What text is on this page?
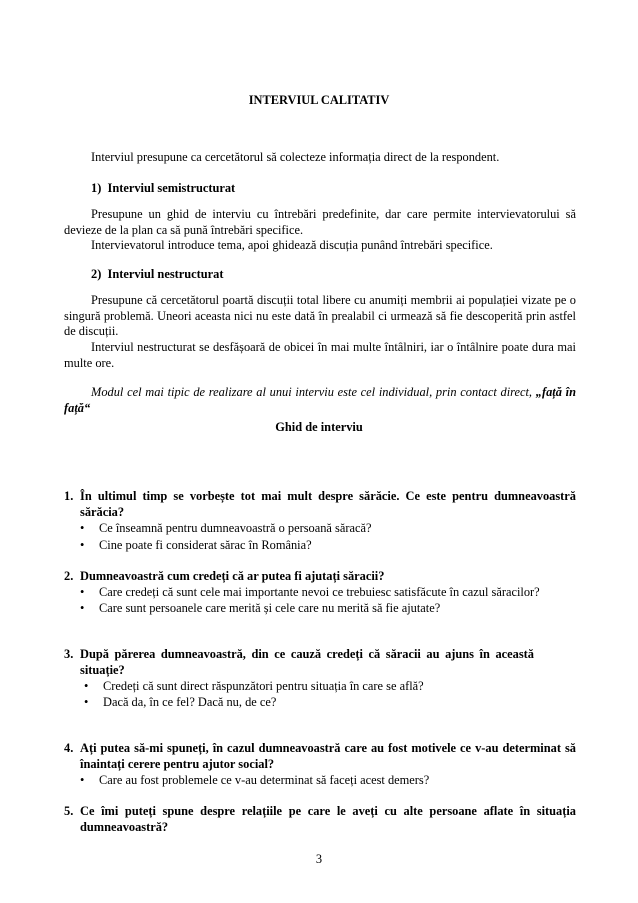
INTERVIUL CALITATIV
Interviul presupune ca cercetătorul să colecteze informația direct de la respondent.
1)  Interviul semistructurat
Presupune un ghid de interviu cu întrebări predefinite, dar care permite intervievatorului să devieze de la plan ca să pună întrebări specifice.
Intervievatorul introduce tema, apoi ghidează discuția punând întrebări specifice.
2)  Interviul nestructurat
Presupune că cercetătorul poartă discuții total libere cu anumiți membrii ai populației vizate pe o singură problemă. Uneori aceasta nici nu este dată în prealabil ci urmează să fie descoperită prin astfel de discuții.
Interviul nestructurat se desfășoară de obicei în mai multe întâlniri, iar o întâlnire poate dura mai multe ore.
Modul cel mai tipic de realizare al unui interviu este cel individual, prin contact direct, „față în față“
Ghid de interviu
1. În ultimul timp se vorbește tot mai mult despre sărăcie. Ce este pentru dumneavoastră sărăcia?
• Ce înseamnă pentru dumneavoastră o persoană săracă?
• Cine poate fi considerat sărac în România?
2. Dumneavoastră cum credeți că ar putea fi ajutați săracii?
• Care credeți că sunt cele mai importante nevoi ce trebuiesc satisfăcute în cazul săracilor?
• Care sunt persoanele care merită și cele care nu merită să fie ajutate?
3. După părerea dumneavoastră, din ce cauză credeți că săracii au ajuns în această situație?
• Credeți că sunt direct răspunzători pentru situația în care se află?
• Dacă da, în ce fel? Dacă nu, de ce?
4. Ați putea să-mi spuneți, în cazul dumneavoastră care au fost motivele ce v-au determinat să înaintați cerere pentru ajutor social?
• Care au fost problemele ce v-au determinat să faceți acest demers?
5. Ce îmi puteți spune despre relațiile pe care le aveți cu alte persoane aflate în situația dumneavoastră?
3
